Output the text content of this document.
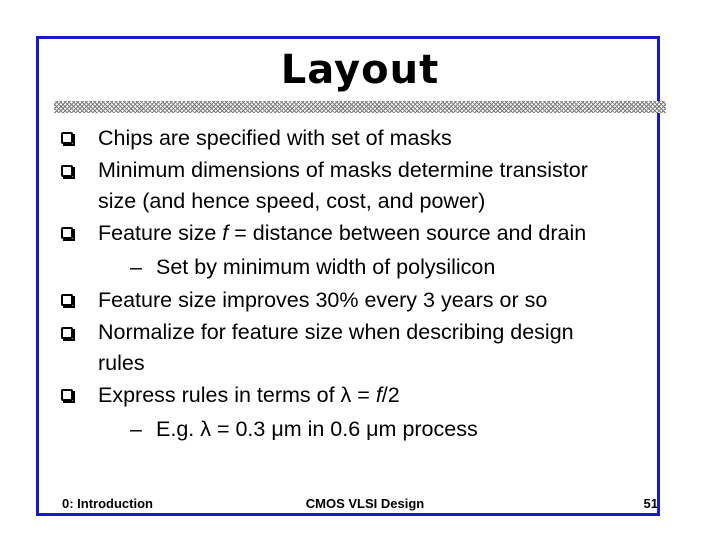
Layout
Chips are specified with set of masks
Minimum dimensions of masks determine transistor
size (and hence speed, cost, and power)
Feature size f = distance between source and drain
– Set by minimum width of polysilicon
Feature size improves 30% every 3 years or so
Normalize for feature size when describing design
rules
Express rules in terms of λ = f/2
– E.g. λ = 0.3 μm in 0.6 μm process
0: Introduction	CMOS VLSI Design	51
